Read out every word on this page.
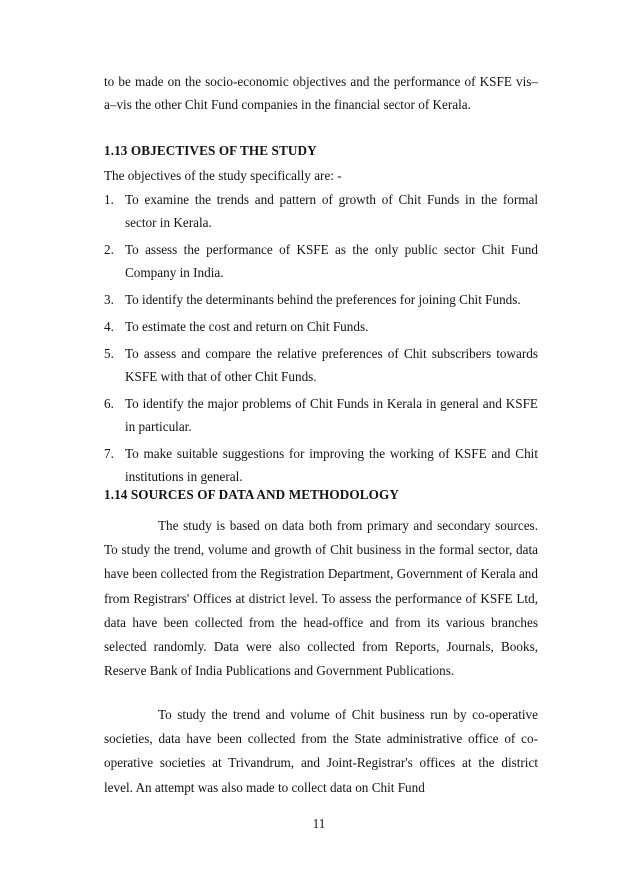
to be made on the socio-economic objectives and the performance of KSFE vis–a–vis the other Chit Fund companies in the financial sector of Kerala.

1.13 OBJECTIVES OF THE STUDY

The objectives of the study specifically are: -

1. To examine the trends and pattern of growth of Chit Funds in the formal sector in Kerala.
2. To assess the performance of KSFE as the only public sector Chit Fund Company in India.
3. To identify the determinants behind the preferences for joining Chit Funds.
4. To estimate the cost and return on Chit Funds.
5. To assess and compare the relative preferences of Chit subscribers towards KSFE with that of other Chit Funds.
6. To identify the major problems of Chit Funds in Kerala in general and KSFE in particular.
7. To make suitable suggestions for improving the working of KSFE and Chit institutions in general.
1.14 SOURCES OF DATA AND METHODOLOGY

The study is based on data both from primary and secondary sources. To study the trend, volume and growth of Chit business in the formal sector, data have been collected from the Registration Department, Government of Kerala and from Registrars' Offices at district level. To assess the performance of KSFE Ltd, data have been collected from the head-office and from its various branches selected randomly. Data were also collected from Reports, Journals, Books, Reserve Bank of India Publications and Government Publications.

To study the trend and volume of Chit business run by co-operative societies, data have been collected from the State administrative office of co-operative societies at Trivandrum, and Joint-Registrar's offices at the district level. An attempt was also made to collect data on Chit Fund

11
